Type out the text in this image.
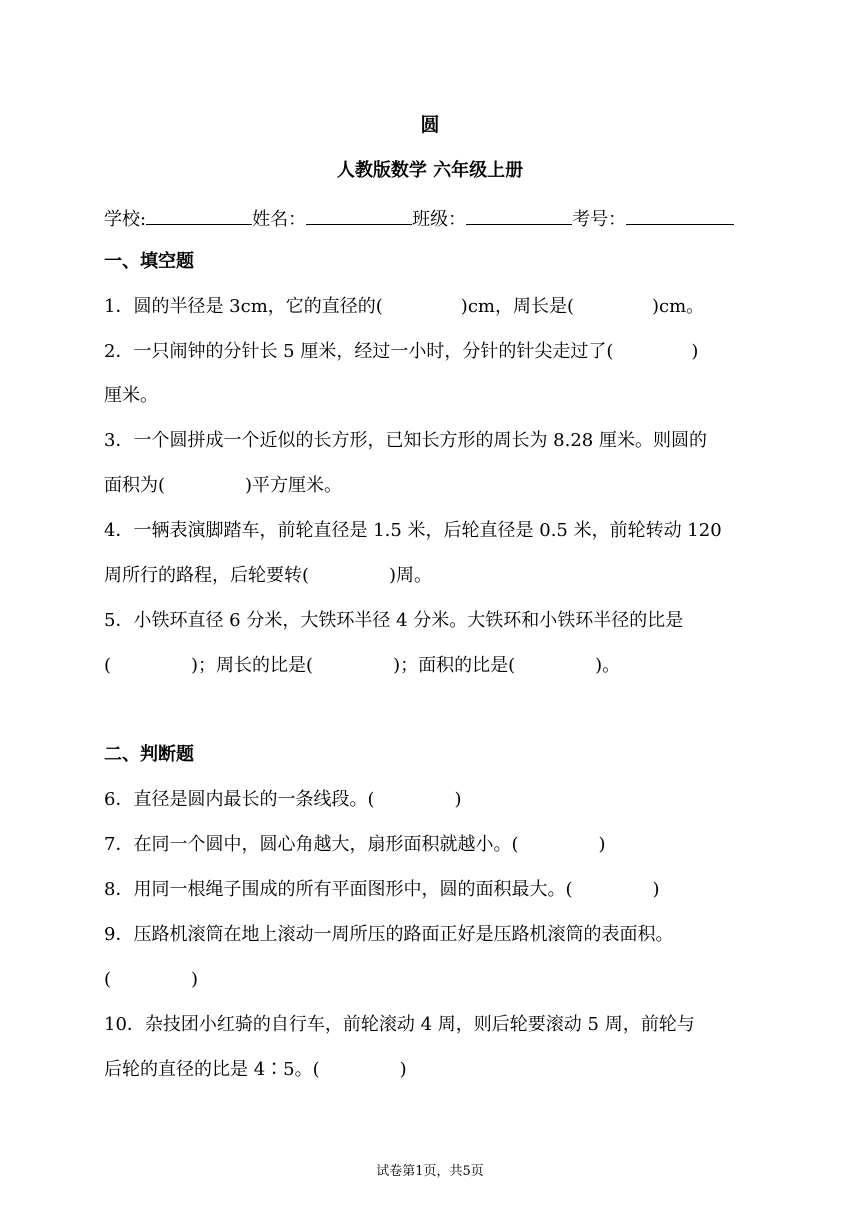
圆
人教版数学 六年级上册
学校:	姓名：	班级：	考号：
一、填空题
1．圆的半径是 3cm，它的直径的(	)cm，周长是(	)cm。
2．一只闹钟的分针长 5 厘米，经过一小时，分针的针尖走过了(	)
厘米。
3．一个圆拼成一个近似的长方形，已知长方形的周长为 8.28 厘米。则圆的
面积为(	)平方厘米。
4．一辆表演脚踏车，前轮直径是 1.5 米，后轮直径是 0.5 米，前轮转动 120
周所行的路程，后轮要转(	)周。
5．小铁环直径 6 分米，大铁环半径 4 分米。大铁环和小铁环半径的比是
(	)；周长的比是(	)；面积的比是(	)。
二、判断题
6．直径是圆内最长的一条线段。(	)
7．在同一个圆中，圆心角越大，扇形面积就越小。(	)
8．用同一根绳子围成的所有平面图形中，圆的面积最大。(	)
9．压路机滚筒在地上滚动一周所压的路面正好是压路机滚筒的表面积。
(	)
10．杂技团小红骑的自行车，前轮滚动 4 周，则后轮要滚动 5 周，前轮与
后轮的直径的比是 4∶5。(	)
试卷第1页，共5页
